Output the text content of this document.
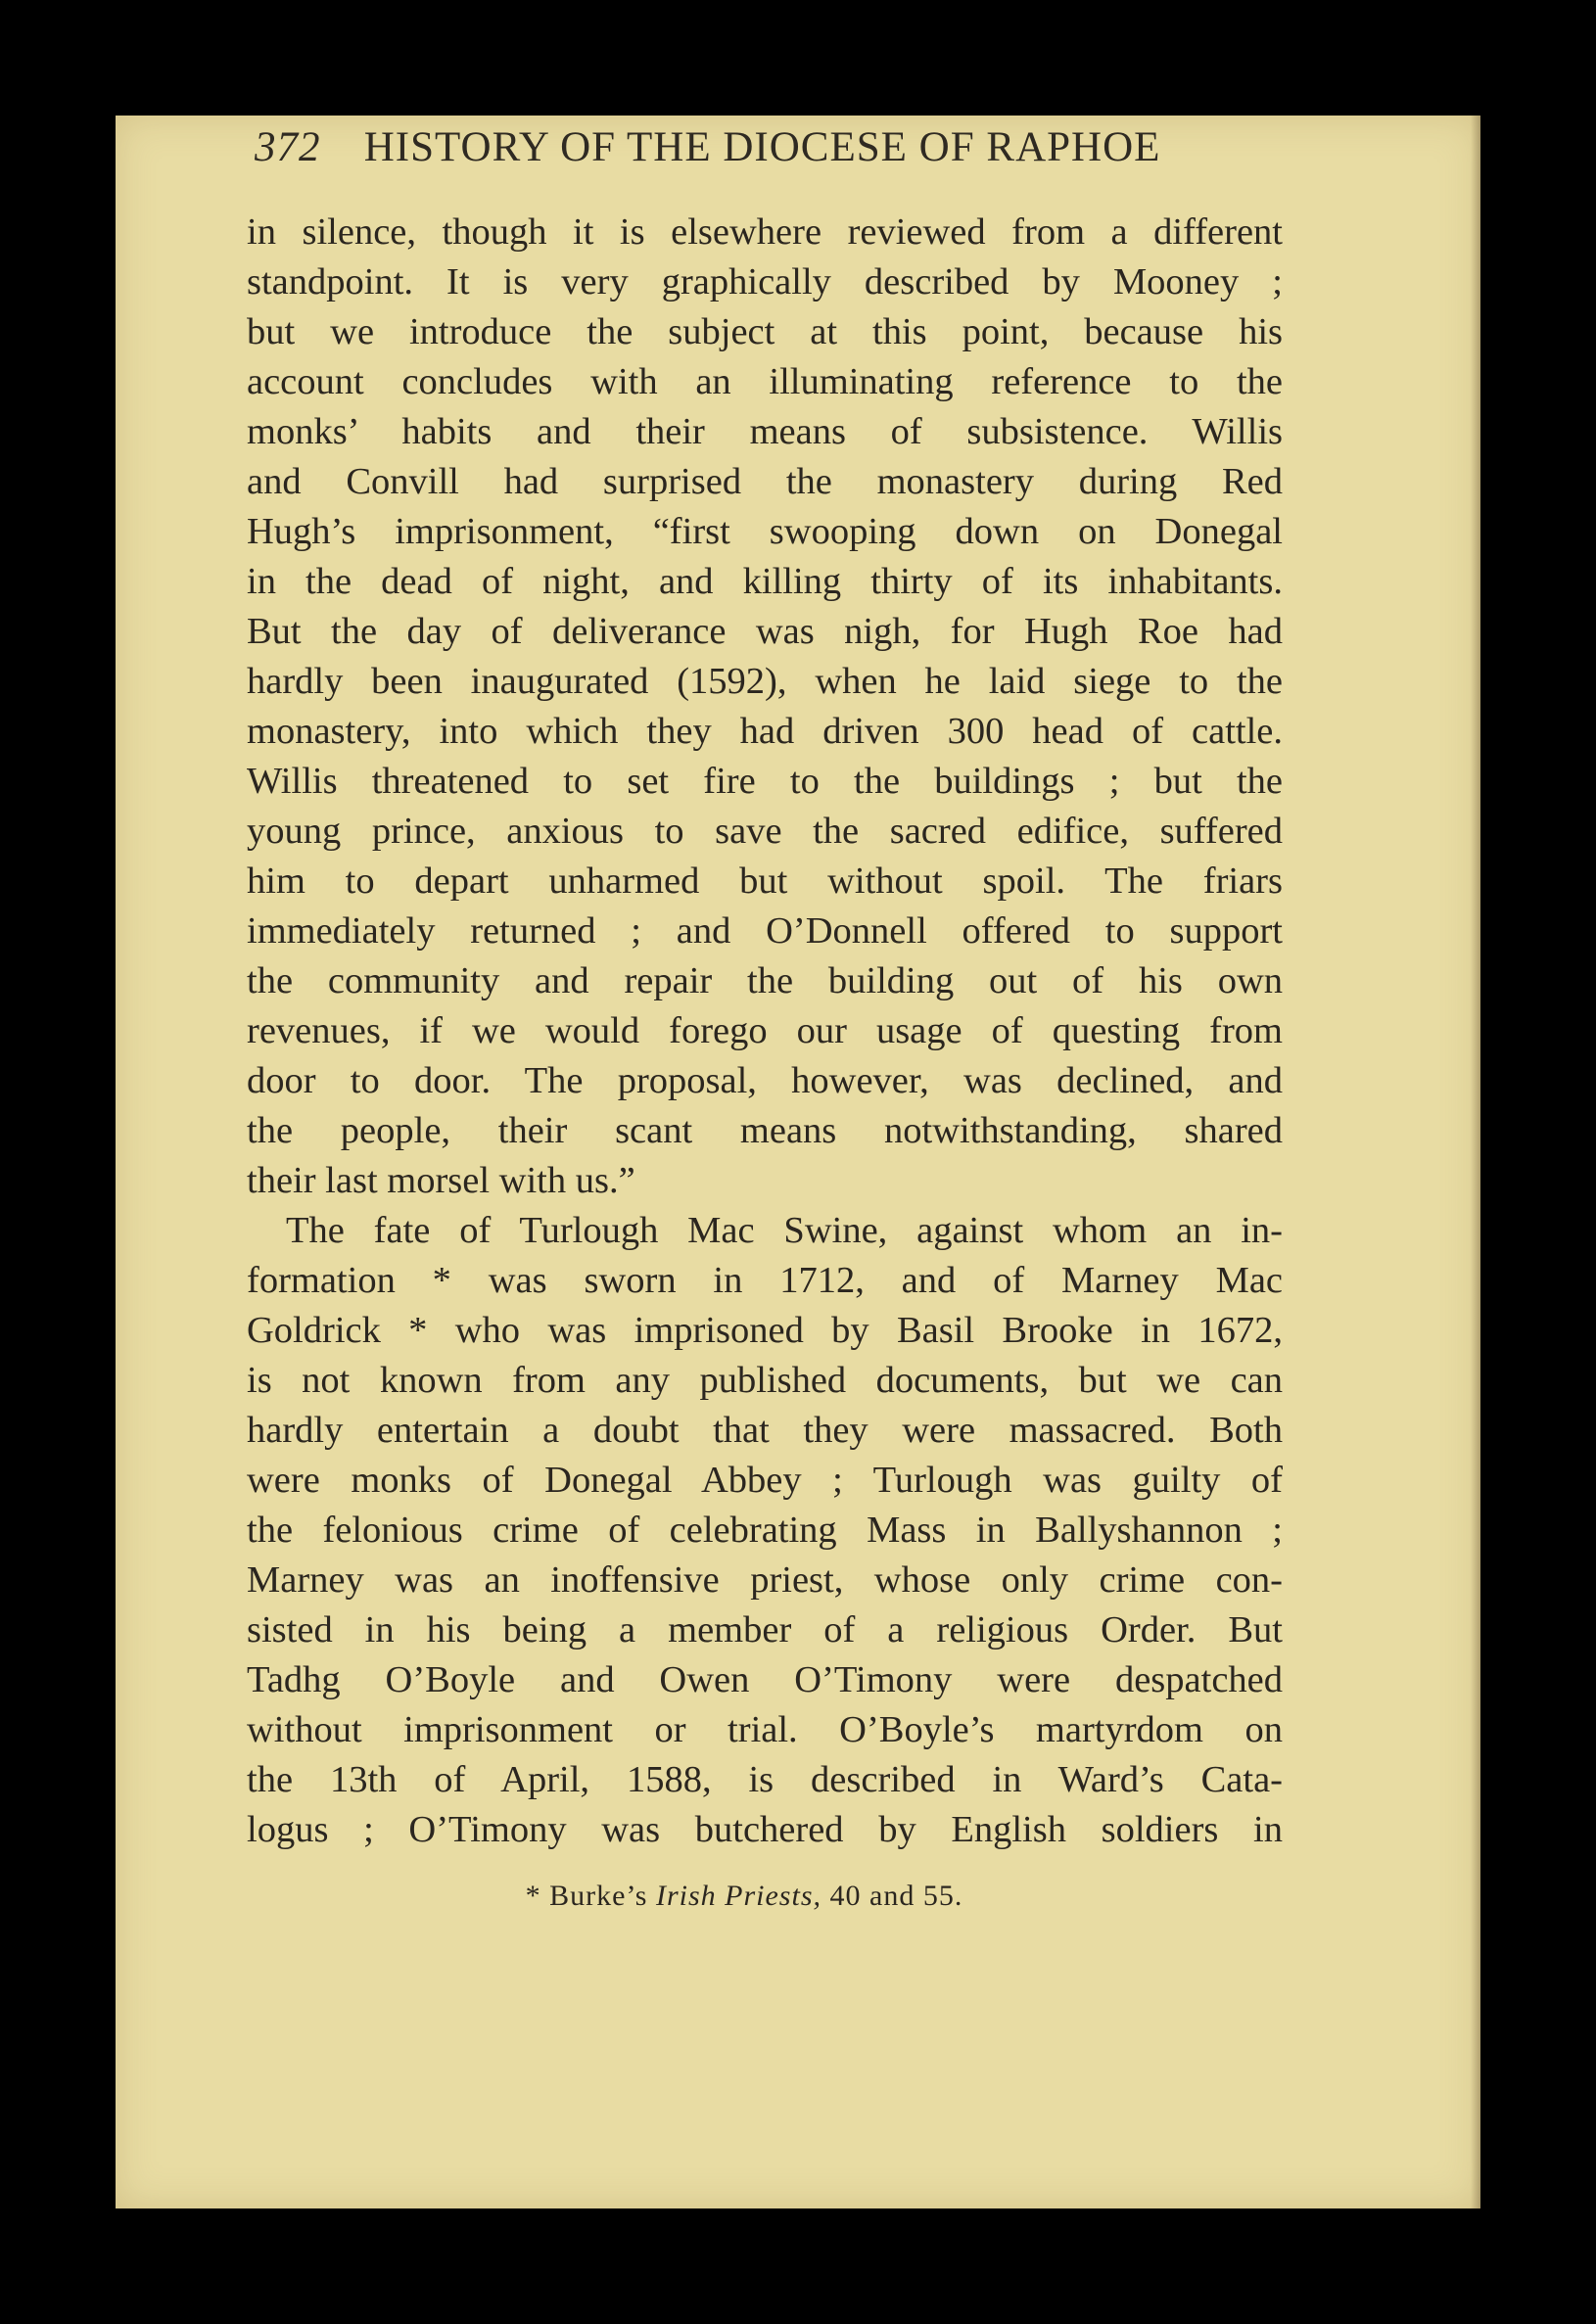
372 HISTORY OF THE DIOCESE OF RAPHOE
in silence, though it is elsewhere reviewed from a different
standpoint. It is very graphically described by Mooney ;
but we introduce the subject at this point, because his
account concludes with an illuminating reference to the
monks’ habits and their means of subsistence. Willis
and Convill had surprised the monastery during Red
Hugh’s imprisonment, “first swooping down on Donegal
in the dead of night, and killing thirty of its inhabitants.
But the day of deliverance was nigh, for Hugh Roe had
hardly been inaugurated (1592), when he laid siege to the
monastery, into which they had driven 300 head of cattle.
Willis threatened to set fire to the buildings ; but the
young prince, anxious to save the sacred edifice, suffered
him to depart unharmed but without spoil. The friars
immediately returned ; and O’Donnell offered to support
the community and repair the building out of his own
revenues, if we would forego our usage of questing from
door to door. The proposal, however, was declined, and
the people, their scant means notwithstanding, shared
their last morsel with us.”
The fate of Turlough Mac Swine, against whom an in-
formation * was sworn in 1712, and of Marney Mac
Goldrick * who was imprisoned by Basil Brooke in 1672,
is not known from any published documents, but we can
hardly entertain a doubt that they were massacred. Both
were monks of Donegal Abbey ; Turlough was guilty of
the felonious crime of celebrating Mass in Ballyshannon ;
Marney was an inoffensive priest, whose only crime con-
sisted in his being a member of a religious Order. But
Tadhg O’Boyle and Owen O’Timony were despatched
without imprisonment or trial. O’Boyle’s martyrdom on
the 13th of April, 1588, is described in Ward’s Cata-
logus ; O’Timony was butchered by English soldiers in
* Burke’s Irish Priests, 40 and 55.
